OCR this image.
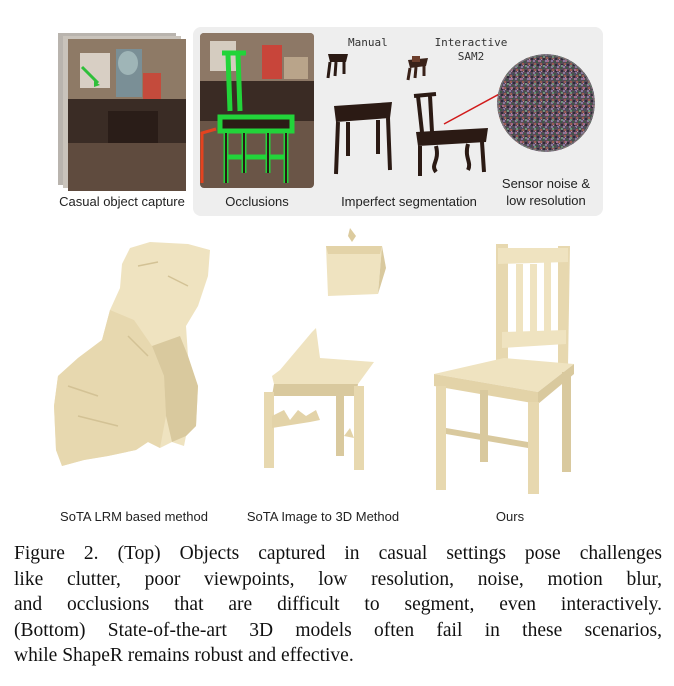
Manual	Interactive
SAM2
Casual object capture	Occlusions	Imperfect segmentation
Sensor noise &
low resolution
SoTA LRM based method	SoTA Image to 3D Method	Ours
Figure 2. (Top) Objects captured in casual settings pose challenges
like clutter, poor viewpoints, low resolution, noise, motion blur,
and occlusions that are difficult to segment, even interactively.
(Bottom) State-of-the-art 3D models often fail in these scenarios,
while ShapeR remains robust and effective.
